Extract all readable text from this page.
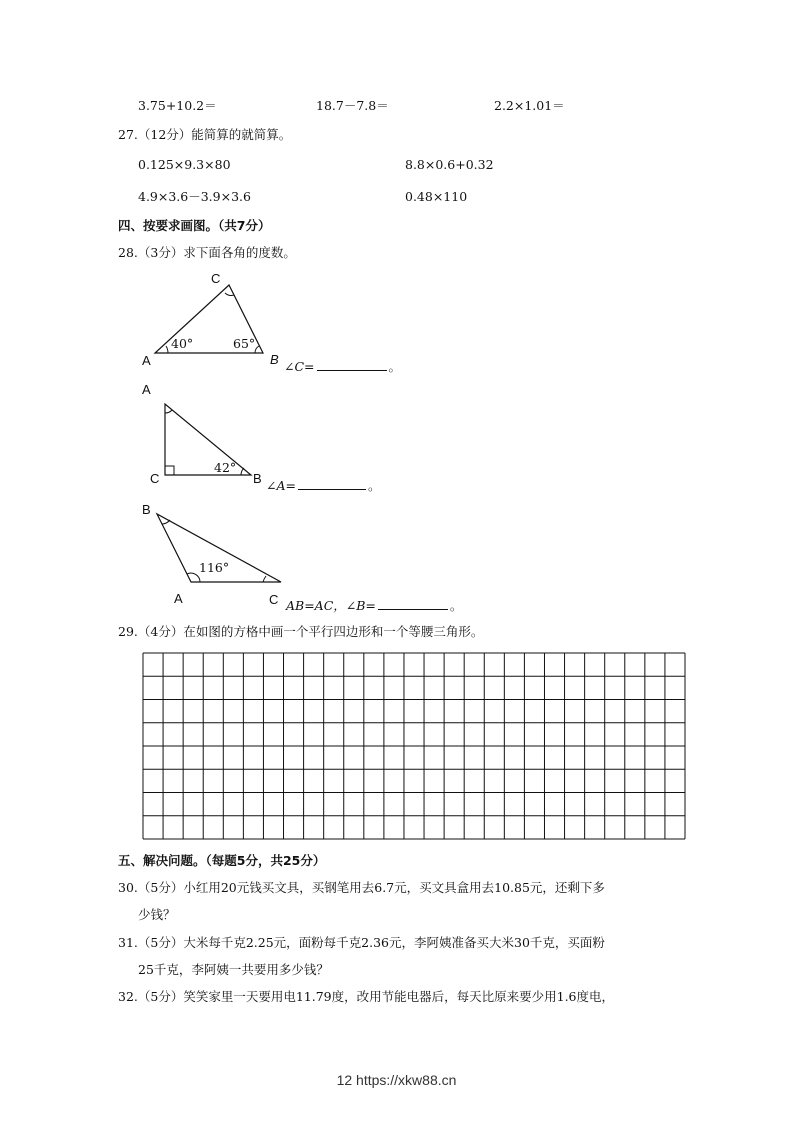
3.75+10.2＝	18.7－7.8＝	2.2×1.01＝
27.（12分）能简算的就简算。
0.125×9.3×80	8.8×0.6+0.32
4.9×3.6－3.9×3.6	0.48×110
四、按要求画图。（共7分）
28.（3分）求下面各角的度数。
C
A	B
40°	65°
∠C=	。
A
C	B
42°
∠A=	。
B
A	C
116°
AB=AC，∠B=	。
29.（4分）在如图的方格中画一个平行四边形和一个等腰三角形。
五、解决问题。（每题5分，共25分）
30.（5分）小红用20元钱买文具，买钢笔用去6.7元，买文具盒用去10.85元，还剩下多
少钱？
31.（5分）大米每千克2.25元，面粉每千克2.36元，李阿姨准备买大米30千克，买面粉
25千克，李阿姨一共要用多少钱？
32.（5分）笑笑家里一天要用电11.79度，改用节能电器后，每天比原来要少用1.6度电，
12 https://xkw88.cn
